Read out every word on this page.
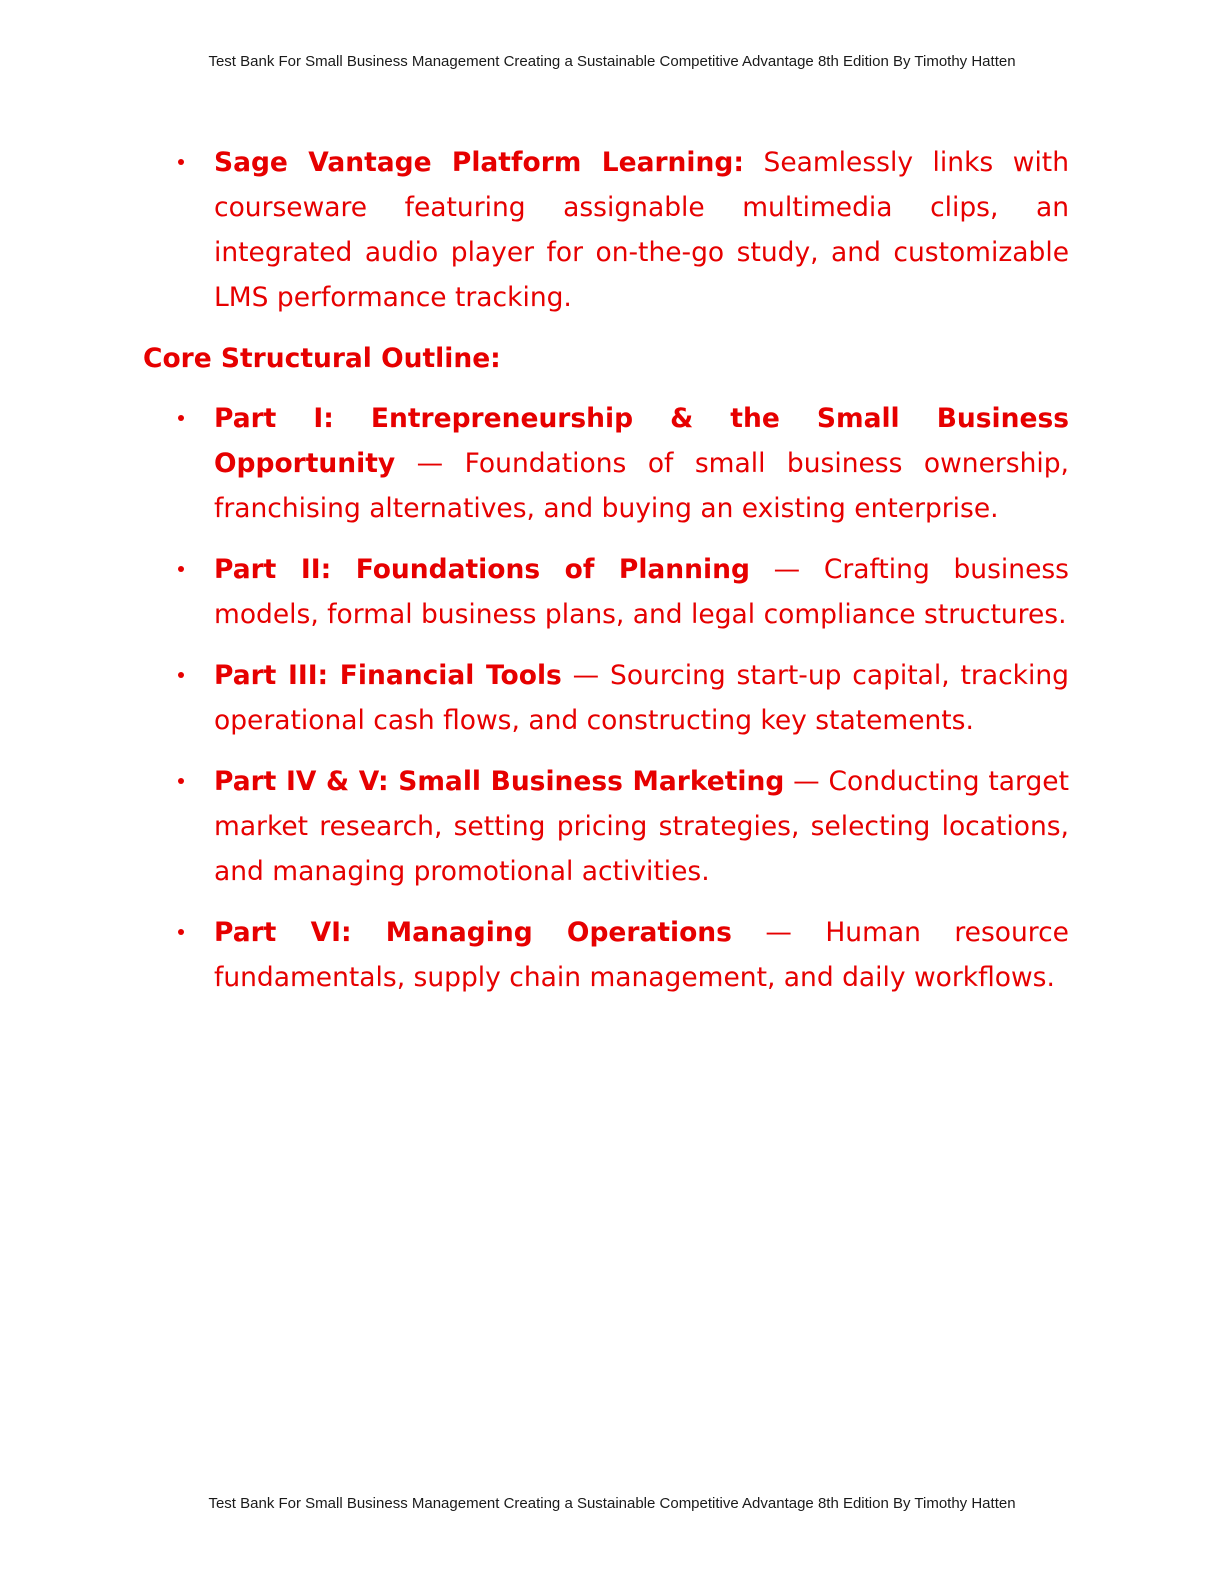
Test Bank For Small Business Management Creating a Sustainable Competitive Advantage 8th Edition By Timothy Hatten
Sage Vantage Platform Learning: Seamlessly links with courseware featuring assignable multimedia clips, an integrated audio player for on-the-go study, and customizable LMS performance tracking.
Core Structural Outline:
Part I: Entrepreneurship & the Small Business Opportunity — Foundations of small business ownership, franchising alternatives, and buying an existing enterprise.
Part II: Foundations of Planning — Crafting business models, formal business plans, and legal compliance structures.
Part III: Financial Tools — Sourcing start-up capital, tracking operational cash flows, and constructing key statements.
Part IV & V: Small Business Marketing — Conducting target market research, setting pricing strategies, selecting locations, and managing promotional activities.
Part VI: Managing Operations — Human resource fundamentals, supply chain management, and daily workflows.
Test Bank For Small Business Management Creating a Sustainable Competitive Advantage 8th Edition By Timothy Hatten
